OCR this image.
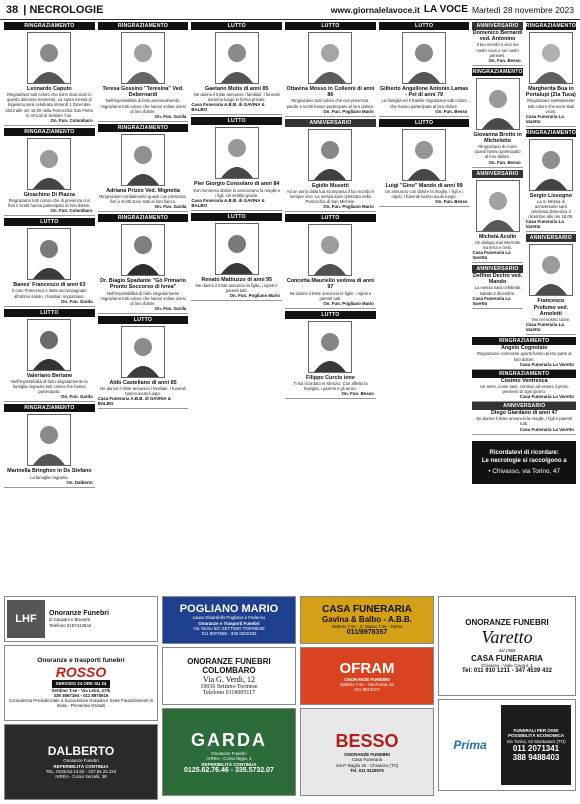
38 | NECROLOGIE	www.giornalelavoce.it LA VOCE Martedì 28 novembre 2023
RINGRAZIAMENTO
Leonardo Caputo
Ringraziano tutti coloro che sono stati vicini in questo doloroso momento. La santa messa di trigesimo sarà celebrata Venerdì 1 Dicembre 2023 alle ore 18,00 nella Parrocchia San Pietro in Vincoli di Settimo T.se.
On. Fun. Colombaro
RINGRAZIAMENTO
Gioachino Di Piazza
Ringraziano tutti coloro che di presenza con fiori o scritti hanno partecipato al loro dolore.
On. Fun. Colombaro
LUTTO
Banes' Francesco di anni 63
Il caro Francesco è stato accompagnato all'ultimo saluto. I familiari ringraziano.
On. Fun. Garda
LUTTO
Valeriano Bertane
Nell'impossibilità di farlo singolarmente la famiglia ringrazia tutti coloro che hanno partecipato.
On. Fun. Garda
RINGRAZIAMENTO
Marinella Bringhen in De Stefano
La famiglia ringrazia.
On. Dalberto
RINGRAZIAMENTO
Teresa Gossino "Teresina" Ved. Debernardi
Nell'impossibilità di farlo personalmente, ringraziano tutti coloro che hanno voluto unirsi al loro dolore.
On. Fun. Garda
RINGRAZIAMENTO
Adriana Prizzo Ved. Mignetta
Ringraziano cordialmente quanti con presenza, fiori e scritti sono stati al loro fianco.
On. Fun. Garda
RINGRAZIAMENTO
Dr. Biagio Spadante "Gò Primario Pronto Soccorso di Ivrea"
Nell'impossibilità di farlo singolarmente ringraziano tutti coloro che hanno voluto unirsi al loro dolore.
On. Fun. Garda
LUTTO
Aldo Castellano di anni 85
Ne danno il triste annuncio i familiari. I funerali hanno avuto luogo.
Casa Funeraria A.B.B. di GAVINA & BALBO
LUTTO
Gaetano Mutis di anni 85
Ne danno il triste annuncio i familiari. I funerali avranno luogo in forma privata.
Casa Funeraria A.B.B. di GAVINA & BALBO
LUTTO
Pier Giorgio Consolaro di anni 84
Con immenso dolore lo annunciano la moglie e i figli. Un sentito grazie.
Casa Funeraria A.B.B. di GAVINA & BALBO
LUTTO
Renato Mattiuzzo di anni 95
Ne danno il triste annuncio la figlia, i nipoti e parenti tutti.
On. Fun. Pogliano Mario
LUTTO
Ottavina Mosso in Colleoni di anni 86
Ringraziano tutti coloro che con presenza, parole e scritti hanno partecipato al loro dolore.
On. Fun. Pogliano Mario
ANNIVERSARIO
Egidio Musetti
Ad un anno dalla tua scomparsa il tuo ricordo è sempre vivo. La messa sarà celebrata nella Parrocchia di San Michele.
On. Fun. Pogliano Mario
LUTTO
Concetta Mauriello vedova di anni 97
Ne danno il triste annuncio le figlie, i nipoti e parenti tutti.
On. Fun. Pogliano Mario
LUTTO
Filippo Curcio ione
Ti hai ricordato in silenzio. Con affetto la famiglia, i parenti e gli amici.
On. Fun. Besso
LUTTO
Gilberto Angellone Antonio Lamas - Pel di anni 79
La famiglia ed il fratello ringraziano tutti coloro che hanno partecipato al loro dolore.
On. Fun. Besso
LUTTO
Luigi "Gino" Mando di anni 99
Un annuncio con dolore la moglie, i figli e i nipoti. I funerali hanno avuto luogo.
On. Fun. Besso
ANNIVERSARIO
Domenico Bernardi ved. Antonino
Il tuo ricordo è vivo nei nostri cuori e nei nostri pensieri.
On. Fun. Besso
RINGRAZIAMENTO
Giovanna Brotto in Michelotto
Ringraziano di cuore quanti hanno partecipato al loro dolore.
On. Fun. Besso
ANNIVERSARIO
Michela Acolin
Un dialogo mai interrotto tra terra e cielo.
Casa Funeraria La Varetto
ANNIVERSARIO
Delfino Dectro ved. Mando
La messa sarà celebrata sabato 2 dicembre.
Casa Funeraria La Varetto
RINGRAZIAMENTO
Margherita Bua in Portalupi (Zia Tuca)
Ringraziano sentitamente tutti coloro che sono stati vicini.
Casa Funeraria La Varetto
RINGRAZIAMENTO
Sergio Lissogno
La S. Messa di anniversario sarà celebrata domenica 3 dicembre alle ore 18,00.
Casa Funeraria La Varetto
ANNIVERSARIO
Francesco Profumo ved. Arnoletti
Vivi nel nostro cuore.
Casa Funeraria La Varetto
RINGRAZIAMENTO
Angelo Cognolato
Ringraziano commossi quanti hanno preso parte al loro dolore.
Casa Funeraria La Varetto
RINGRAZIAMENTO
Cosimo Ventresca
Un anno, come tanti, continui ad essere il primo pensiero di ogni giorno.
Casa Funeraria La Varetto
ANNIVERSARIO
Diego Giardano di anni 47
Ne danno il triste annuncio la moglie, i figli e parenti tutti.
Casa Funeraria La Varetto
Ricordatevi di ricordare:
Le necrologie si raccolgono a
• Chivasso, via Torino, 47
LHF	Onoranze Funebri
di Caspani e Brunetti
Telefono 0157412544
Onoranze e trasporti funebri
ROSSO
SERVIZIO 24 ORE SU 24
Settimo T.se - Via Leinì, 27/b
339 3567194 - 011 8970616
Consulenza Previdenziale a Successioni Gratuita e Sede Finanziamenti in Sede - Preventivi Gratuiti
DALBERTO
Onoranze Funebri
REPERIBILITÀ CONTINUA
TEL. 0125.64.13.62 - 347.64.22.224
IVREA - Corso Vercelli, 38
POGLIANO MARIO
Laura Ghiardello Pogliano e Federico
Onoranze e Trasporti Funebri
Via Torino 5/C SETTIMO TORINESE
011 8007568 - 335 6932183
ONORANZE FUNEBRI COLOMBARO
Via G. Verdi, 12
10036 Settimo Torinese
Telefono 0118005117
GARDA
Onoranze Funebri
IVREA - Corso Nigra, 4
REPERIBILITÀ CONTINUA
0125.62.76.46 - 335.5732.07
CASA FUNERARIA
Gavina & Balbo - A.B.B.
Settimo T.se - S. Mauro T.se - Torino
011/8978357
OFRAM
ONORANZE FUNEBRI
Settimo T.se - Via Roma, 52
011 8012072
BESSO
ONORANZE FUNEBRI
Casa Funeraria
Via P. Baglio 26 - Chivasso (TO)
Tel. 011 9118576
ONORANZE FUNEBRI
Varetto
dal 1968
CASA FUNERARIA
Chivasso - Viale Cavour, 1
Tel: 011 910 1211 - 347 4539 432
Prima
FUNERALI PER OGNI POSSIBILITÀ ECONOMICA
Via Torino, 52 Montanaro (TO)
011 2071341
388 9488403
